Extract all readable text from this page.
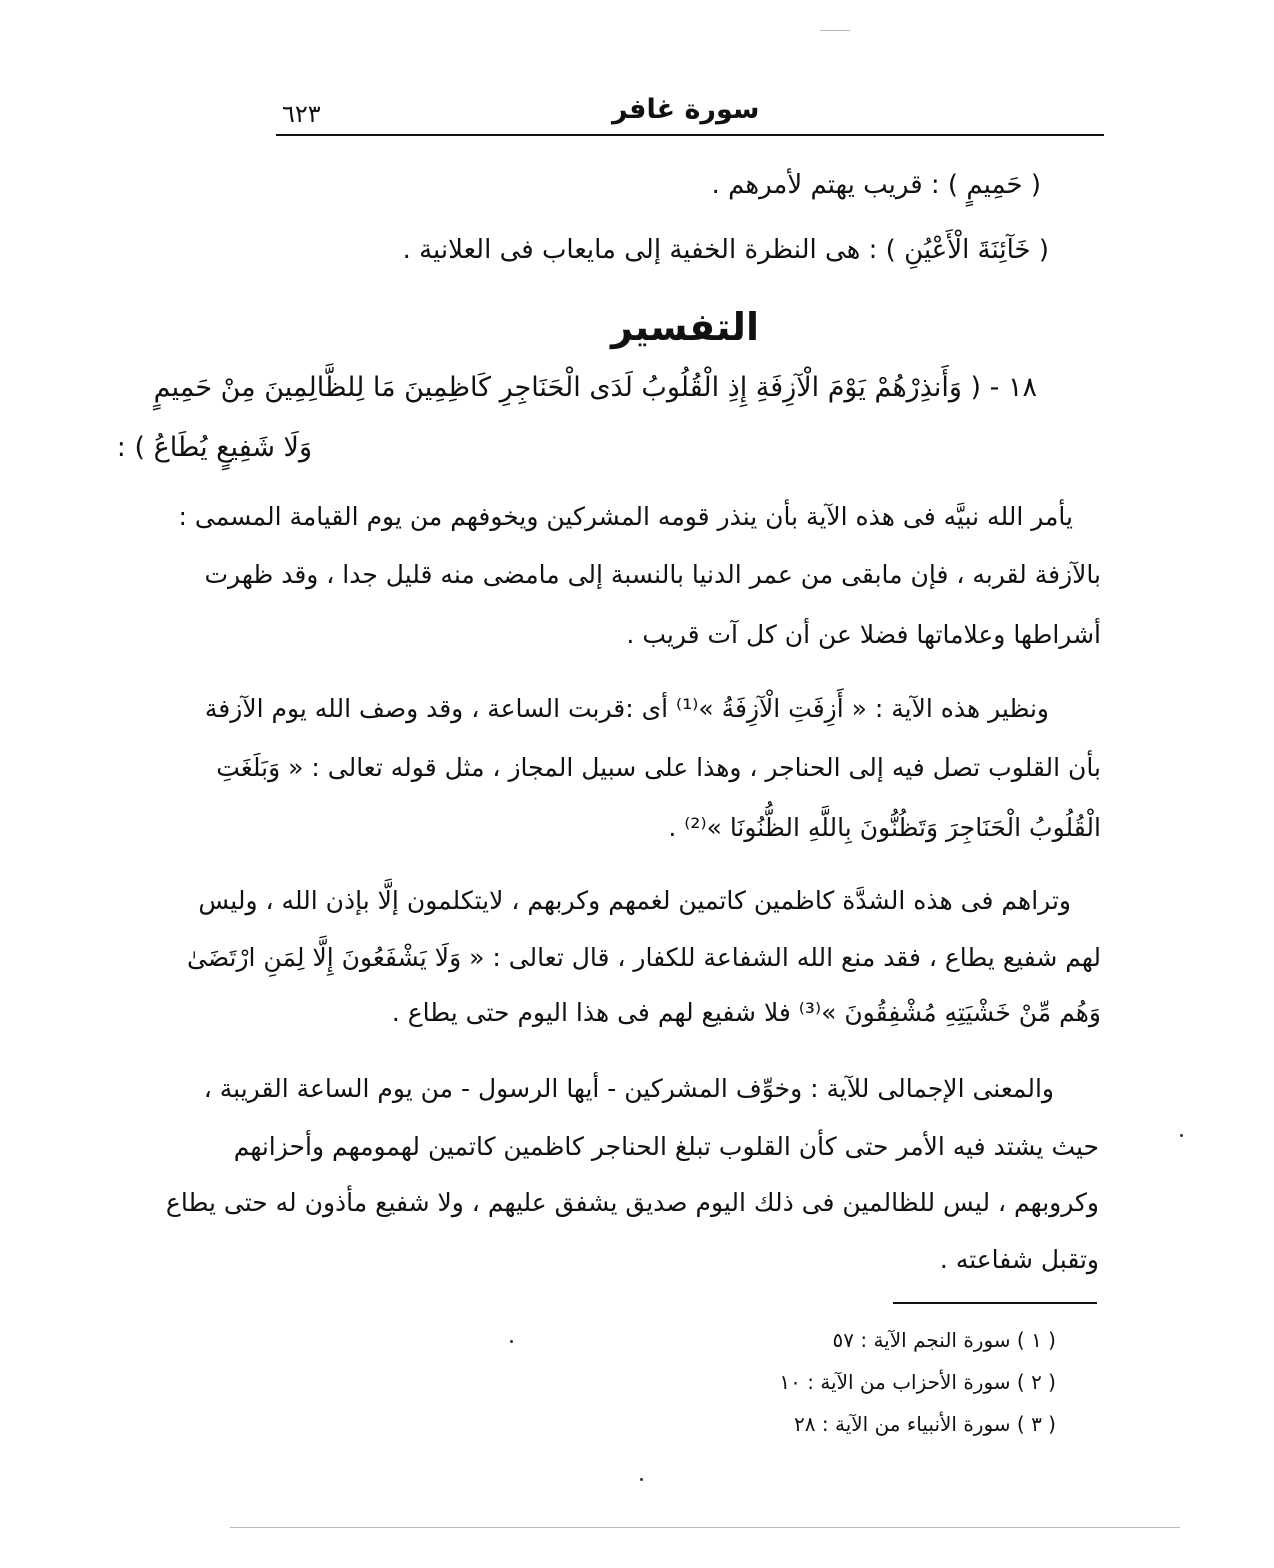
٦٢٣	سورة غافر
( حَمِيمٍ ) : قريب يهتم لأمرهم .
( خَآئِنَةَ الْأَعْيُنِ ) : هى النظرة الخفية إلى مايعاب فى العلانية .
التفسير
١٨ - ( وَأَنذِرْهُمْ يَوْمَ الْآزِفَةِ إِذِ الْقُلُوبُ لَدَى الْحَنَاجِرِ كَاظِمِينَ مَا لِلظَّالِمِينَ مِنْ حَمِيمٍ
وَلَا شَفِيعٍ يُطَاعُ ) :
يأمر الله نبيَّه فى هذه الآية بأن ينذر قومه المشركين ويخوفهم من يوم القيامة المسمى :
بالآزفة لقربه ، فإن مابقى من عمر الدنيا بالنسبة إلى مامضى منه قليل جدا ، وقد ظهرت
أشراطها وعلاماتها فضلا عن أن كل آت قريب .
ونظير هذه الآية : « أَزِفَتِ الْآزِفَةُ »⁽¹⁾ أى :قربت الساعة ، وقد وصف الله يوم الآزفة
بأن القلوب تصل فيه إلى الحناجر ، وهذا على سبيل المجاز ، مثل قوله تعالى : « وَبَلَغَتِ
الْقُلُوبُ الْحَنَاجِرَ وَتَظُنُّونَ بِاللَّهِ الظُّنُونَا »⁽²⁾ .
وتراهم فى هذه الشدَّة كاظمين كاتمين لغمهم وكربهم ، لايتكلمون إلَّا بإذن الله ، وليس
لهم شفيع يطاع ، فقد منع الله الشفاعة للكفار ، قال تعالى : « وَلَا يَشْفَعُونَ إِلَّا لِمَنِ ارْتَضَىٰ
وَهُم مِّنْ خَشْيَتِهِ مُشْفِقُونَ »⁽³⁾ فلا شفيع لهم فى هذا اليوم حتى يطاع .
والمعنى الإجمالى للآية : وخوِّف المشركين - أيها الرسول - من يوم الساعة القريبة ،
حيث يشتد فيه الأمر حتى كأن القلوب تبلغ الحناجر كاظمين كاتمين لهمومهم وأحزانهم
وكروبهم ، ليس للظالمين فى ذلك اليوم صديق يشفق عليهم ، ولا شفيع مأذون له حتى يطاع
وتقبل شفاعته .
( ١ ) سورة النجم الآية : ٥٧
( ٢ ) سورة الأحزاب من الآية : ١٠
( ٣ ) سورة الأنبياء من الآية : ٢٨
